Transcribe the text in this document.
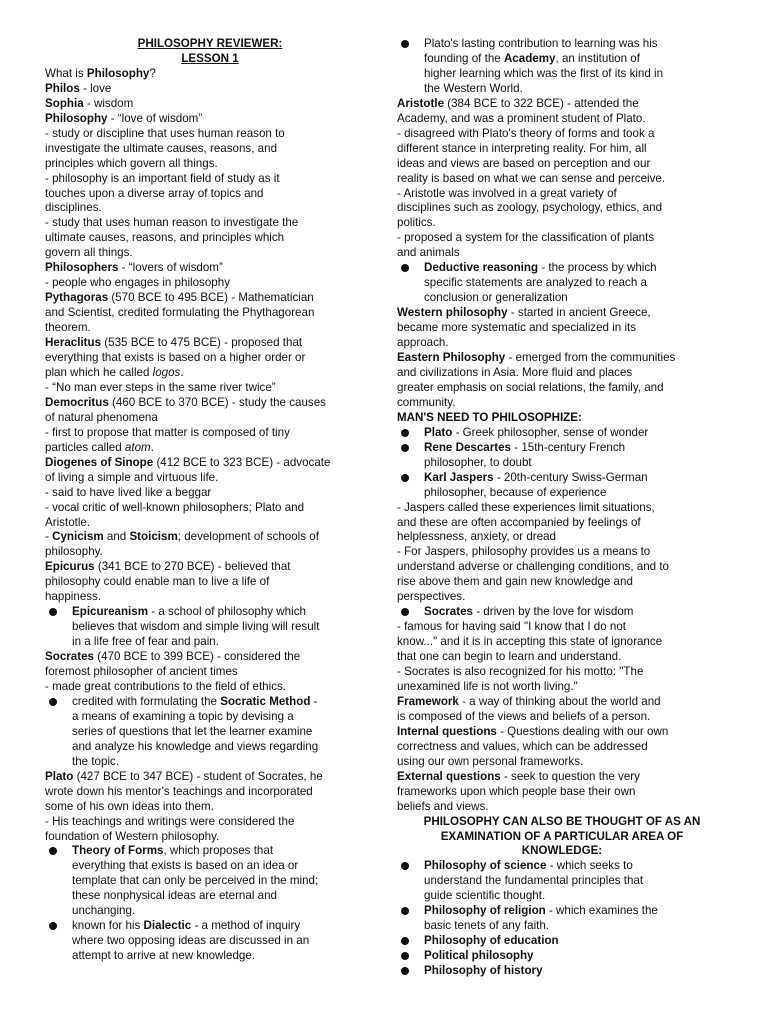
PHILOSOPHY REVIEWER:
LESSON 1
What is Philosophy?
Philos - love
Sophia - wisdom
Philosophy - “love of wisdom”
- study or discipline that uses human reason to
investigate the ultimate causes, reasons, and
principles which govern all things.
- philosophy is an important field of study as it
touches upon a diverse array of topics and
disciplines.
- study that uses human reason to investigate the
ultimate causes, reasons, and principles which
govern all things.
Philosophers - “lovers of wisdom”
- people who engages in philosophy
Pythagoras (570 BCE to 495 BCE) - Mathematician
and Scientist, credited formulating the Phythagorean
theorem.
Heraclitus (535 BCE to 475 BCE) - proposed that
everything that exists is based on a higher order or
plan which he called logos.
- “No man ever steps in the same river twice”
Democritus (460 BCE to 370 BCE) - study the causes
of natural phenomena
- first to propose that matter is composed of tiny
particles called atom.
Diogenes of Sinope (412 BCE to 323 BCE) - advocate
of living a simple and virtuous life.
- said to have lived like a beggar
- vocal critic of well-known philosophers; Plato and
Aristotle.
- Cynicism and Stoicism; development of schools of
philosophy.
Epicurus (341 BCE to 270 BCE) - believed that
philosophy could enable man to live a life of
happiness.
Epicureanism - a school of philosophy which
believes that wisdom and simple living will result
in a life free of fear and pain.
Socrates (470 BCE to 399 BCE) - considered the
foremost philosopher of ancient times
- made great contributions to the field of ethics.
credited with formulating the Socratic Method -
a means of examining a topic by devising a
series of questions that let the learner examine
and analyze his knowledge and views regarding
the topic.
Plato (427 BCE to 347 BCE) - student of Socrates, he
wrote down his mentor's teachings and incorporated
some of his own ideas into them.
- His teachings and writings were considered the
foundation of Western philosophy.
Theory of Forms, which proposes that
everything that exists is based on an idea or
template that can only be perceived in the mind;
these nonphysical ideas are eternal and
unchanging.
known for his Dialectic - a method of inquiry
where two opposing ideas are discussed in an
attempt to arrive at new knowledge.
Plato's lasting contribution to learning was his
founding of the Academy, an institution of
higher learning which was the first of its kind in
the Western World.
Aristotle (384 BCE to 322 BCE) - attended the
Academy, and was a prominent student of Plato.
- disagreed with Plato's theory of forms and took a
different stance in interpreting reality. For him, all
ideas and views are based on perception and our
reality is based on what we can sense and perceive.
- Aristotle was involved in a great variety of
disciplines such as zoology, psychology, ethics, and
politics.
- proposed a system for the classification of plants
and animals
Deductive reasoning - the process by which
specific statements are analyzed to reach a
conclusion or generalization
Western philosophy - started in ancient Greece,
became more systematic and specialized in its
approach.
Eastern Philosophy - emerged from the communities
and civilizations in Asia. More fluid and places
greater emphasis on social relations, the family, and
community.
MAN'S NEED TO PHILOSOPHIZE:
Plato - Greek philosopher, sense of wonder
Rene Descartes - 15th-century French
philosopher, to doubt
Karl Jaspers - 20th-century Swiss-German
philosopher, because of experience
- Jaspers called these experiences limit situations,
and these are often accompanied by feelings of
helplessness, anxiety, or dread
- For Jaspers, philosophy provides us a means to
understand adverse or challenging conditions, and to
rise above them and gain new knowledge and
perspectives.
Socrates - driven by the love for wisdom
- famous for having said "I know that I do not
know..." and it is in accepting this state of ignorance
that one can begin to learn and understand.
- Socrates is also recognized for his motto: "The
unexamined life is not worth living."
Framework - a way of thinking about the world and
is composed of the views and beliefs of a person.
Internal questions - Questions dealing with our own
correctness and values, which can be addressed
using our own personal frameworks.
External questions - seek to question the very
frameworks upon which people base their own
beliefs and views.
PHILOSOPHY CAN ALSO BE THOUGHT OF AS AN
EXAMINATION OF A PARTICULAR AREA OF
KNOWLEDGE:
Philosophy of science - which seeks to
understand the fundamental principles that
guide scientific thought.
Philosophy of religion - which examines the
basic tenets of any faith.
Philosophy of education
Political philosophy
Philosophy of history
